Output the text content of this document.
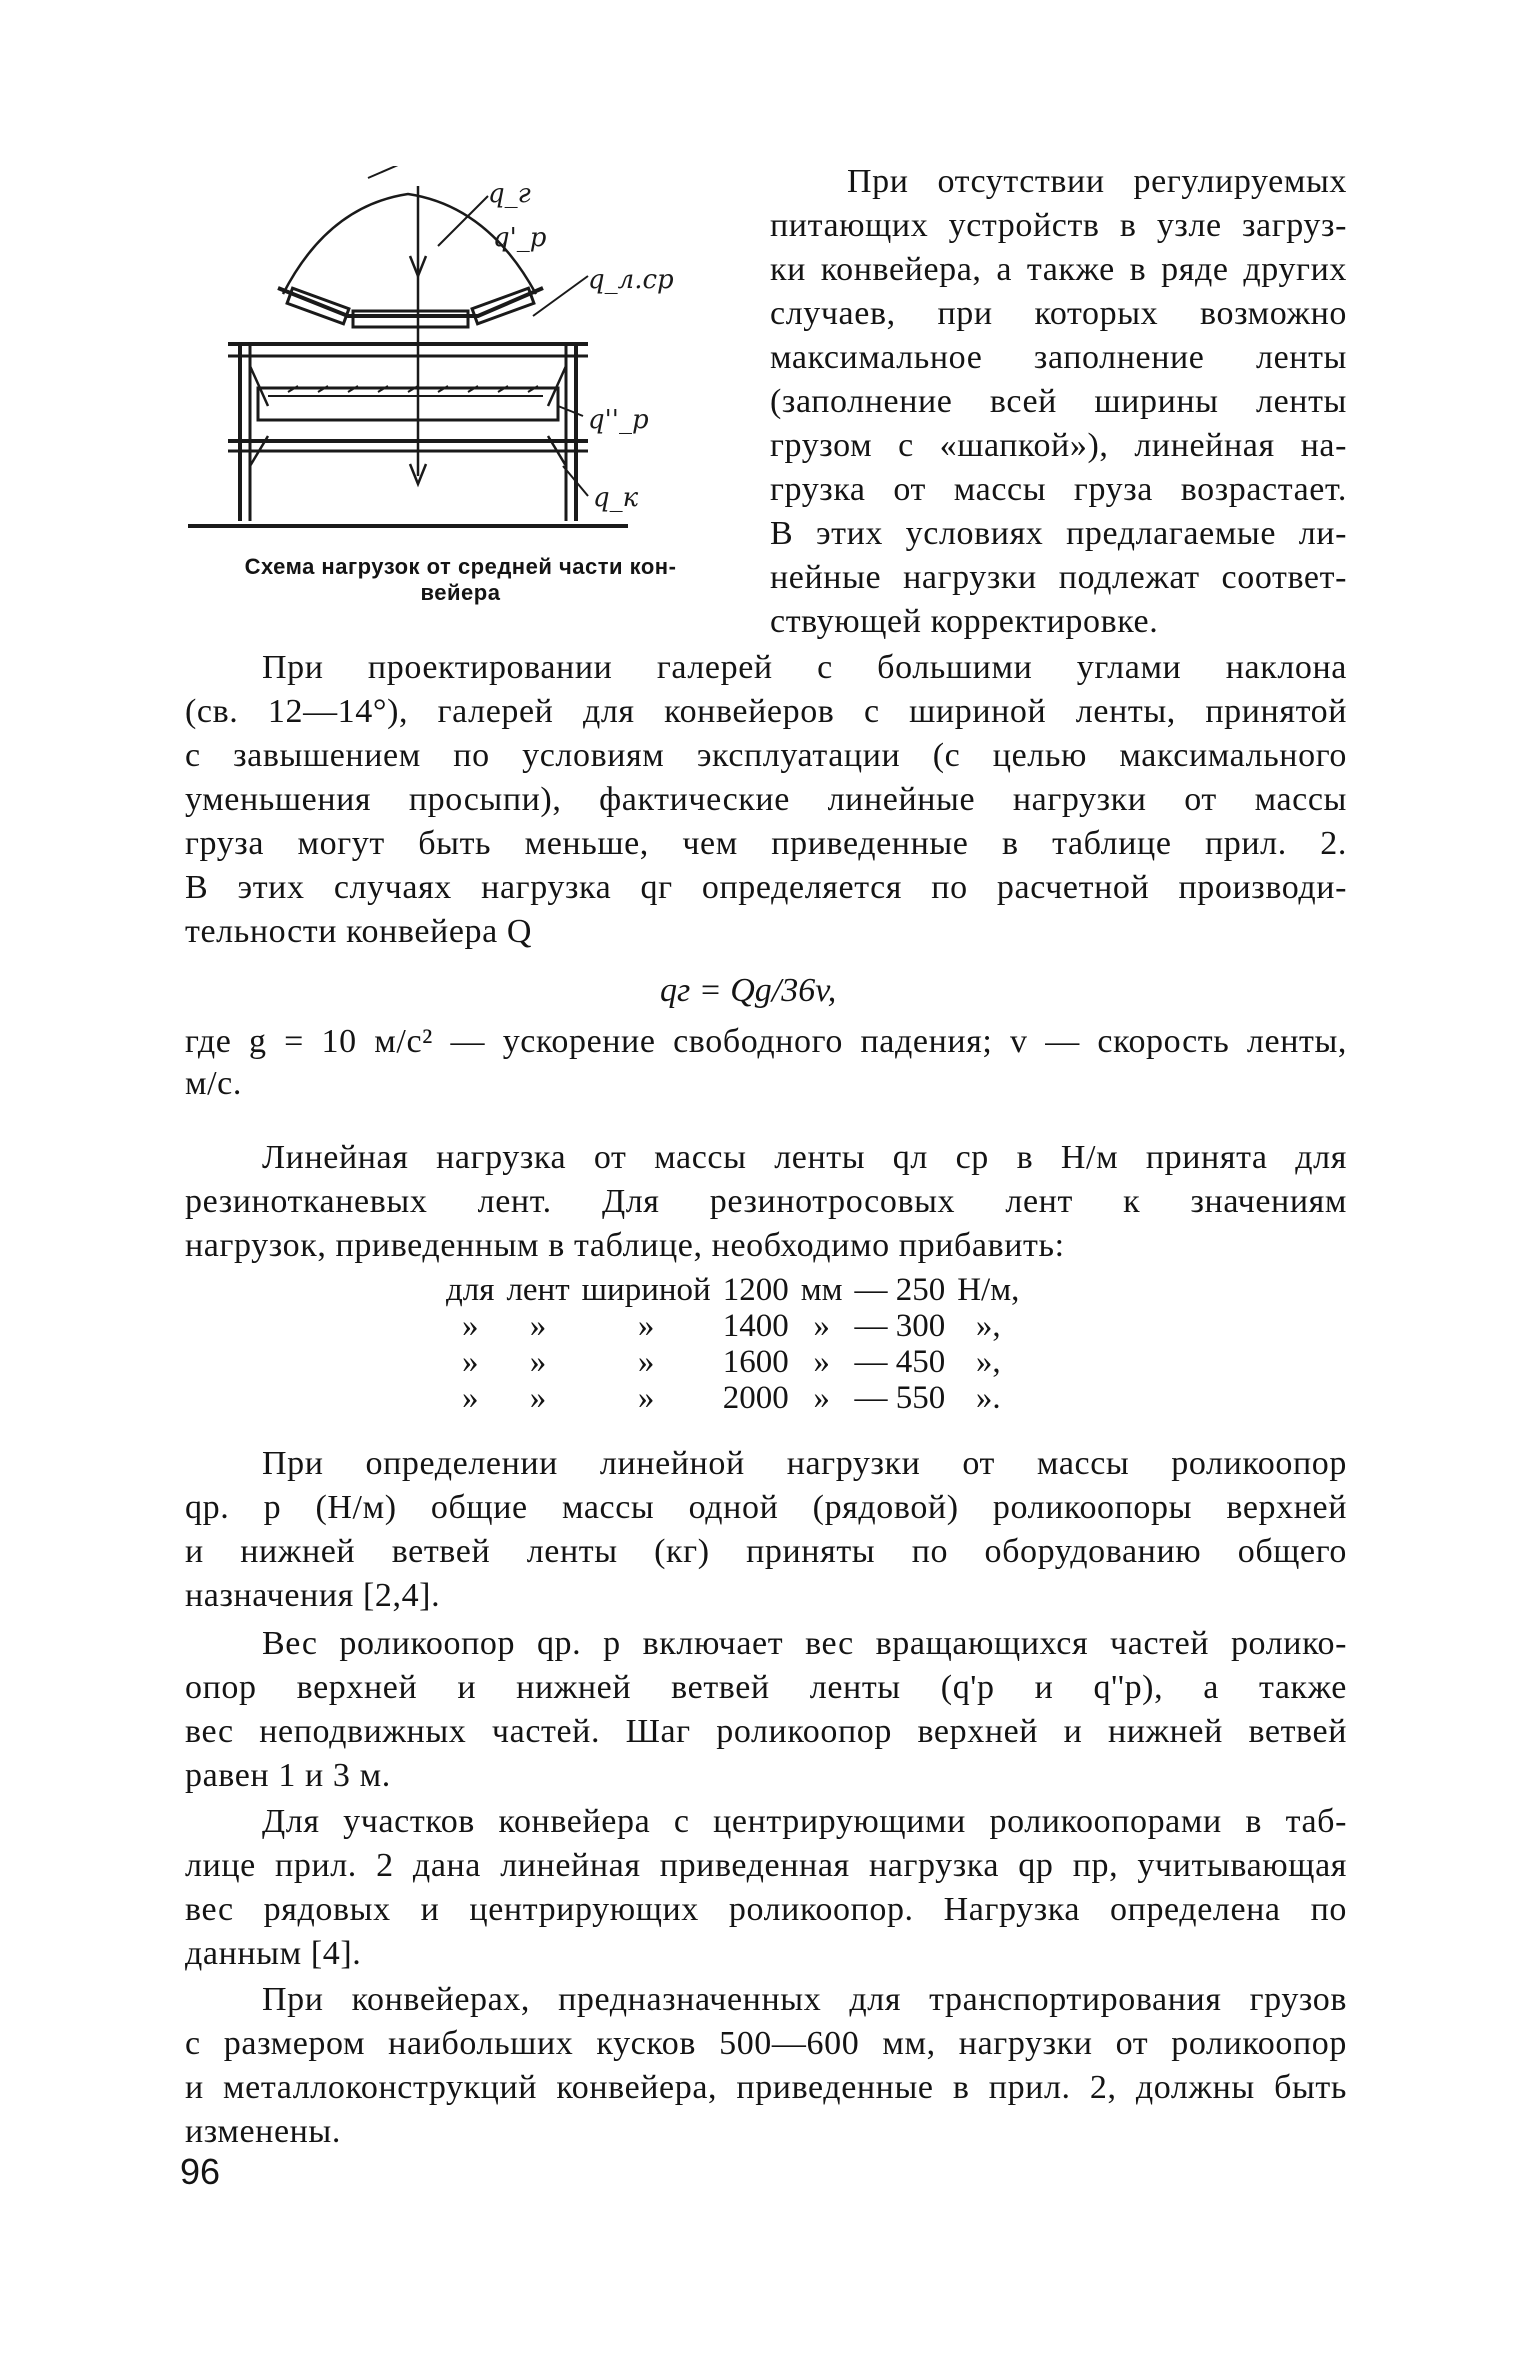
q_г
q'_р
q_л.ср
q''_р
q_к
Схема нагрузок от средней части кон-
вейера
При отсутствии регулируемых
питающих устройств в узле загруз-
ки конвейера, а также в ряде других
случаев, при которых возможно
максимальное заполнение ленты
(заполнение всей ширины ленты
грузом с «шапкой»), линейная на-
грузка от массы груза возрастает.
В этих условиях предлагаемые ли-
нейные нагрузки подлежат соответ-
ствующей корректировке.
При проектировании галерей с большими углами наклона
(св. 12—14°), галерей для конвейеров с шириной ленты, принятой
с завышением по условиям эксплуатации (с целью максимального
уменьшения просыпи), фактические линейные нагрузки от массы
груза могут быть меньше, чем приведенные в таблице прил. 2.
В этих случаях нагрузка qг определяется по расчетной производи-
тельности конвейера Q
qг = Qg/36v,
где g = 10 м/с² — ускорение свободного падения; v — скорость ленты,
м/с.
Линейная нагрузка от массы ленты qл ср в Н/м принята для
резинотканевых лент. Для резинотросовых лент к значениям
нагрузок, приведенным в таблице, необходимо прибавить:
для	лент	шириной	1200	мм	— 250	Н/м,
»	»	»	1400	»	— 300	»,
»	»	»	1600	»	— 450	»,
»	»	»	2000	»	— 550	».
При определении линейной нагрузки от массы роликоопор
qр. р (Н/м) общие массы одной (рядовой) роликоопоры верхней
и нижней ветвей ленты (кг) приняты по оборудованию общего
назначения [2,4].
Вес роликоопор qр. р включает вес вращающихся частей ролико-
опор верхней и нижней ветвей ленты (q'р и q''р), а также
вес неподвижных частей. Шаг роликоопор верхней и нижней ветвей
равен 1 и 3 м.
Для участков конвейера с центрирующими роликоопорами в таб-
лице прил. 2 дана линейная приведенная нагрузка qр пр, учитывающая
вес рядовых и центрирующих роликоопор. Нагрузка определена по
данным [4].
При конвейерах, предназначенных для транспортирования грузов
с размером наибольших кусков 500—600 мм, нагрузки от роликоопор
и металлоконструкций конвейера, приведенные в прил. 2, должны быть
изменены.
96
